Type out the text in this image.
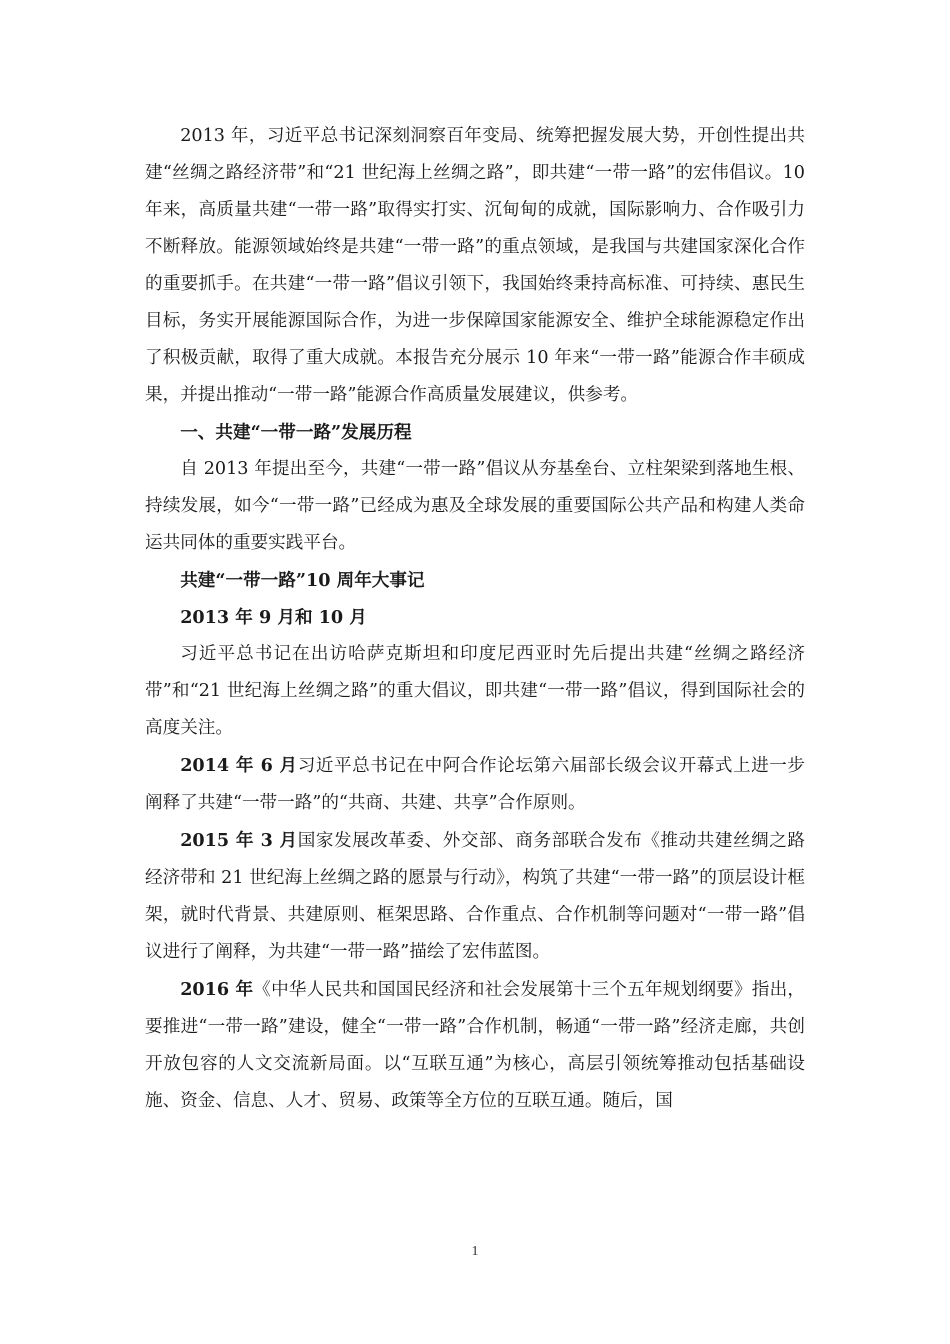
2013 年，习近平总书记深刻洞察百年变局、统筹把握发展大势，开创性提出共建“丝绸之路经济带”和“21 世纪海上丝绸之路”，即共建“一带一路”的宏伟倡议。10 年来，高质量共建“一带一路”取得实打实、沉甸甸的成就，国际影响力、合作吸引力不断释放。能源领域始终是共建“一带一路”的重点领域，是我国与共建国家深化合作的重要抓手。在共建“一带一路”倡议引领下，我国始终秉持高标准、可持续、惠民生目标，务实开展能源国际合作，为进一步保障国家能源安全、维护全球能源稳定作出了积极贡献，取得了重大成就。本报告充分展示 10 年来“一带一路”能源合作丰硕成果，并提出推动“一带一路”能源合作高质量发展建议，供参考。

一、共建“一带一路”发展历程

自 2013 年提出至今，共建“一带一路”倡议从夯基垒台、立柱架梁到落地生根、持续发展，如今“一带一路”已经成为惠及全球发展的重要国际公共产品和构建人类命运共同体的重要实践平台。

共建“一带一路”10 周年大事记

2013 年 9 月和 10 月

习近平总书记在出访哈萨克斯坦和印度尼西亚时先后提出共建“丝绸之路经济带”和“21 世纪海上丝绸之路”的重大倡议，即共建“一带一路”倡议，得到国际社会的高度关注。

2014 年 6 月习近平总书记在中阿合作论坛第六届部长级会议开幕式上进一步阐释了共建“一带一路”的“共商、共建、共享”合作原则。

2015 年 3 月国家发展改革委、外交部、商务部联合发布《推动共建丝绸之路经济带和 21 世纪海上丝绸之路的愿景与行动》，构筑了共建“一带一路”的顶层设计框架，就时代背景、共建原则、框架思路、合作重点、合作机制等问题对“一带一路”倡议进行了阐释，为共建“一带一路”描绘了宏伟蓝图。

2016 年《中华人民共和国国民经济和社会发展第十三个五年规划纲要》指出，要推进“一带一路”建设，健全“一带一路”合作机制，畅通“一带一路”经济走廊，共创开放包容的人文交流新局面。以“互联互通”为核心，高层引领统筹推动包括基础设施、资金、信息、人才、贸易、政策等全方位的互联互通。随后，国

1
